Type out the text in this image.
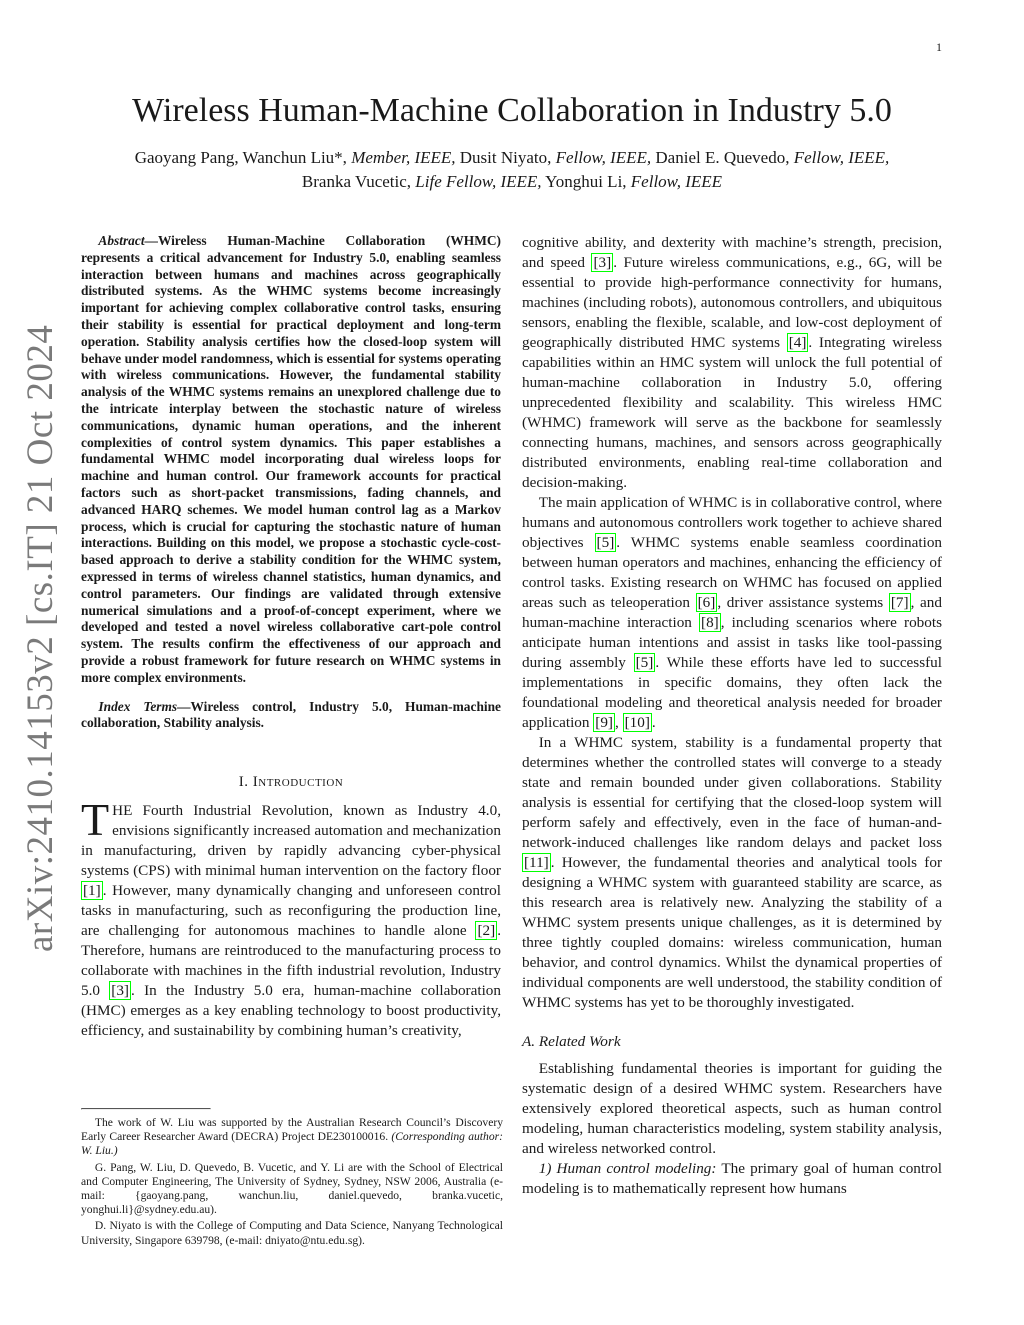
1
arXiv:2410.14153v2 [cs.IT] 21 Oct 2024
Wireless Human-Machine Collaboration in Industry 5.0
Gaoyang Pang, Wanchun Liu*, Member, IEEE, Dusit Niyato, Fellow, IEEE, Daniel E. Quevedo, Fellow, IEEE,
Branka Vucetic, Life Fellow, IEEE, Yonghui Li, Fellow, IEEE

Abstract—Wireless Human-Machine Collaboration (WHMC) represents a critical advancement for Industry 5.0, enabling seamless interaction between humans and machines across geographically distributed systems. As the WHMC systems become increasingly important for achieving complex collaborative control tasks, ensuring their stability is essential for practical deployment and long-term operation. Stability analysis certifies how the closed-loop system will behave under model randomness, which is essential for systems operating with wireless communications. However, the fundamental stability analysis of the WHMC systems remains an unexplored challenge due to the intricate interplay between the stochastic nature of wireless communications, dynamic human operations, and the inherent complexities of control system dynamics. This paper establishes a fundamental WHMC model incorporating dual wireless loops for machine and human control. Our framework accounts for practical factors such as short-packet transmissions, fading channels, and advanced HARQ schemes. We model human control lag as a Markov process, which is crucial for capturing the stochastic nature of human interactions. Building on this model, we propose a stochastic cycle-cost-based approach to derive a stability condition for the WHMC system, expressed in terms of wireless channel statistics, human dynamics, and control parameters. Our findings are validated through extensive numerical simulations and a proof-of-concept experiment, where we developed and tested a novel wireless collaborative cart-pole control system. The results confirm the effectiveness of our approach and provide a robust framework for future research on WHMC systems in more complex environments.

Index Terms—Wireless control, Industry 5.0, Human-machine collaboration, Stability analysis.

I. Introduction

THE Fourth Industrial Revolution, known as Industry 4.0, envisions significantly increased automation and mechanization in manufacturing, driven by rapidly advancing cyber-physical systems (CPS) with minimal human intervention on the factory floor [1] . However, many dynamically changing and unforeseen control tasks in manufacturing, such as reconfiguring the production line, are challenging for autonomous machines to handle alone [2] . Therefore, humans are reintroduced to the manufacturing process to collaborate with machines in the fifth industrial revolution, Industry 5.0 [3] . In the Industry 5.0 era, human-machine collaboration (HMC) emerges as a key enabling technology to boost productivity, efficiency, and sustainability by combining human’s creativity,

The work of W. Liu was supported by the Australian Research Council’s Discovery Early Career Researcher Award (DECRA) Project DE230100016. (Corresponding author: W. Liu.)

G. Pang, W. Liu, D. Quevedo, B. Vucetic, and Y. Li are with the School of Electrical and Computer Engineering, The University of Sydney, Sydney, NSW 2006, Australia (e-mail: {gaoyang.pang, wanchun.liu, daniel.quevedo, branka.vucetic, yonghui.li}@sydney.edu.au).

D. Niyato is with the College of Computing and Data Science, Nanyang Technological University, Singapore 639798, (e-mail: dniyato@ntu.edu.sg).

cognitive ability, and dexterity with machine’s strength, precision, and speed [3] . Future wireless communications, e.g., 6G, will be essential to provide high-performance connectivity for humans, machines (including robots), autonomous controllers, and ubiquitous sensors, enabling the flexible, scalable, and low-cost deployment of geographically distributed HMC systems [4] . Integrating wireless capabilities within an HMC system will unlock the full potential of human-machine collaboration in Industry 5.0, offering unprecedented flexibility and scalability. This wireless HMC (WHMC) framework will serve as the backbone for seamlessly connecting humans, machines, and sensors across geographically distributed environments, enabling real-time collaboration and decision-making.

The main application of WHMC is in collaborative control, where humans and autonomous controllers work together to achieve shared objectives [5] . WHMC systems enable seamless coordination between human operators and machines, enhancing the efficiency of control tasks. Existing research on WHMC has focused on applied areas such as teleoperation [6] , driver assistance systems [7] , and human-machine interaction [8] , including scenarios where robots anticipate human intentions and assist in tasks like tool-passing during assembly [5] . While these efforts have led to successful implementations in specific domains, they often lack the foundational modeling and theoretical analysis needed for broader application [9] , [10] .

In a WHMC system, stability is a fundamental property that determines whether the controlled states will converge to a steady state and remain bounded under given collaborations. Stability analysis is essential for certifying that the closed-loop system will perform safely and effectively, even in the face of human-and-network-induced challenges like random delays and packet loss [11] . However, the fundamental theories and analytical tools for designing a WHMC system with guaranteed stability are scarce, as this research area is relatively new. Analyzing the stability of a WHMC system presents unique challenges, as it is determined by three tightly coupled domains: wireless communication, human behavior, and control dynamics. Whilst the dynamical properties of individual components are well understood, the stability condition of WHMC systems has yet to be thoroughly investigated.

A. Related Work

Establishing fundamental theories is important for guiding the systematic design of a desired WHMC system. Researchers have extensively explored theoretical aspects, such as human control modeling, human characteristics modeling, system stability analysis, and wireless networked control.

1) Human control modeling: The primary goal of human control modeling is to mathematically represent how humans
